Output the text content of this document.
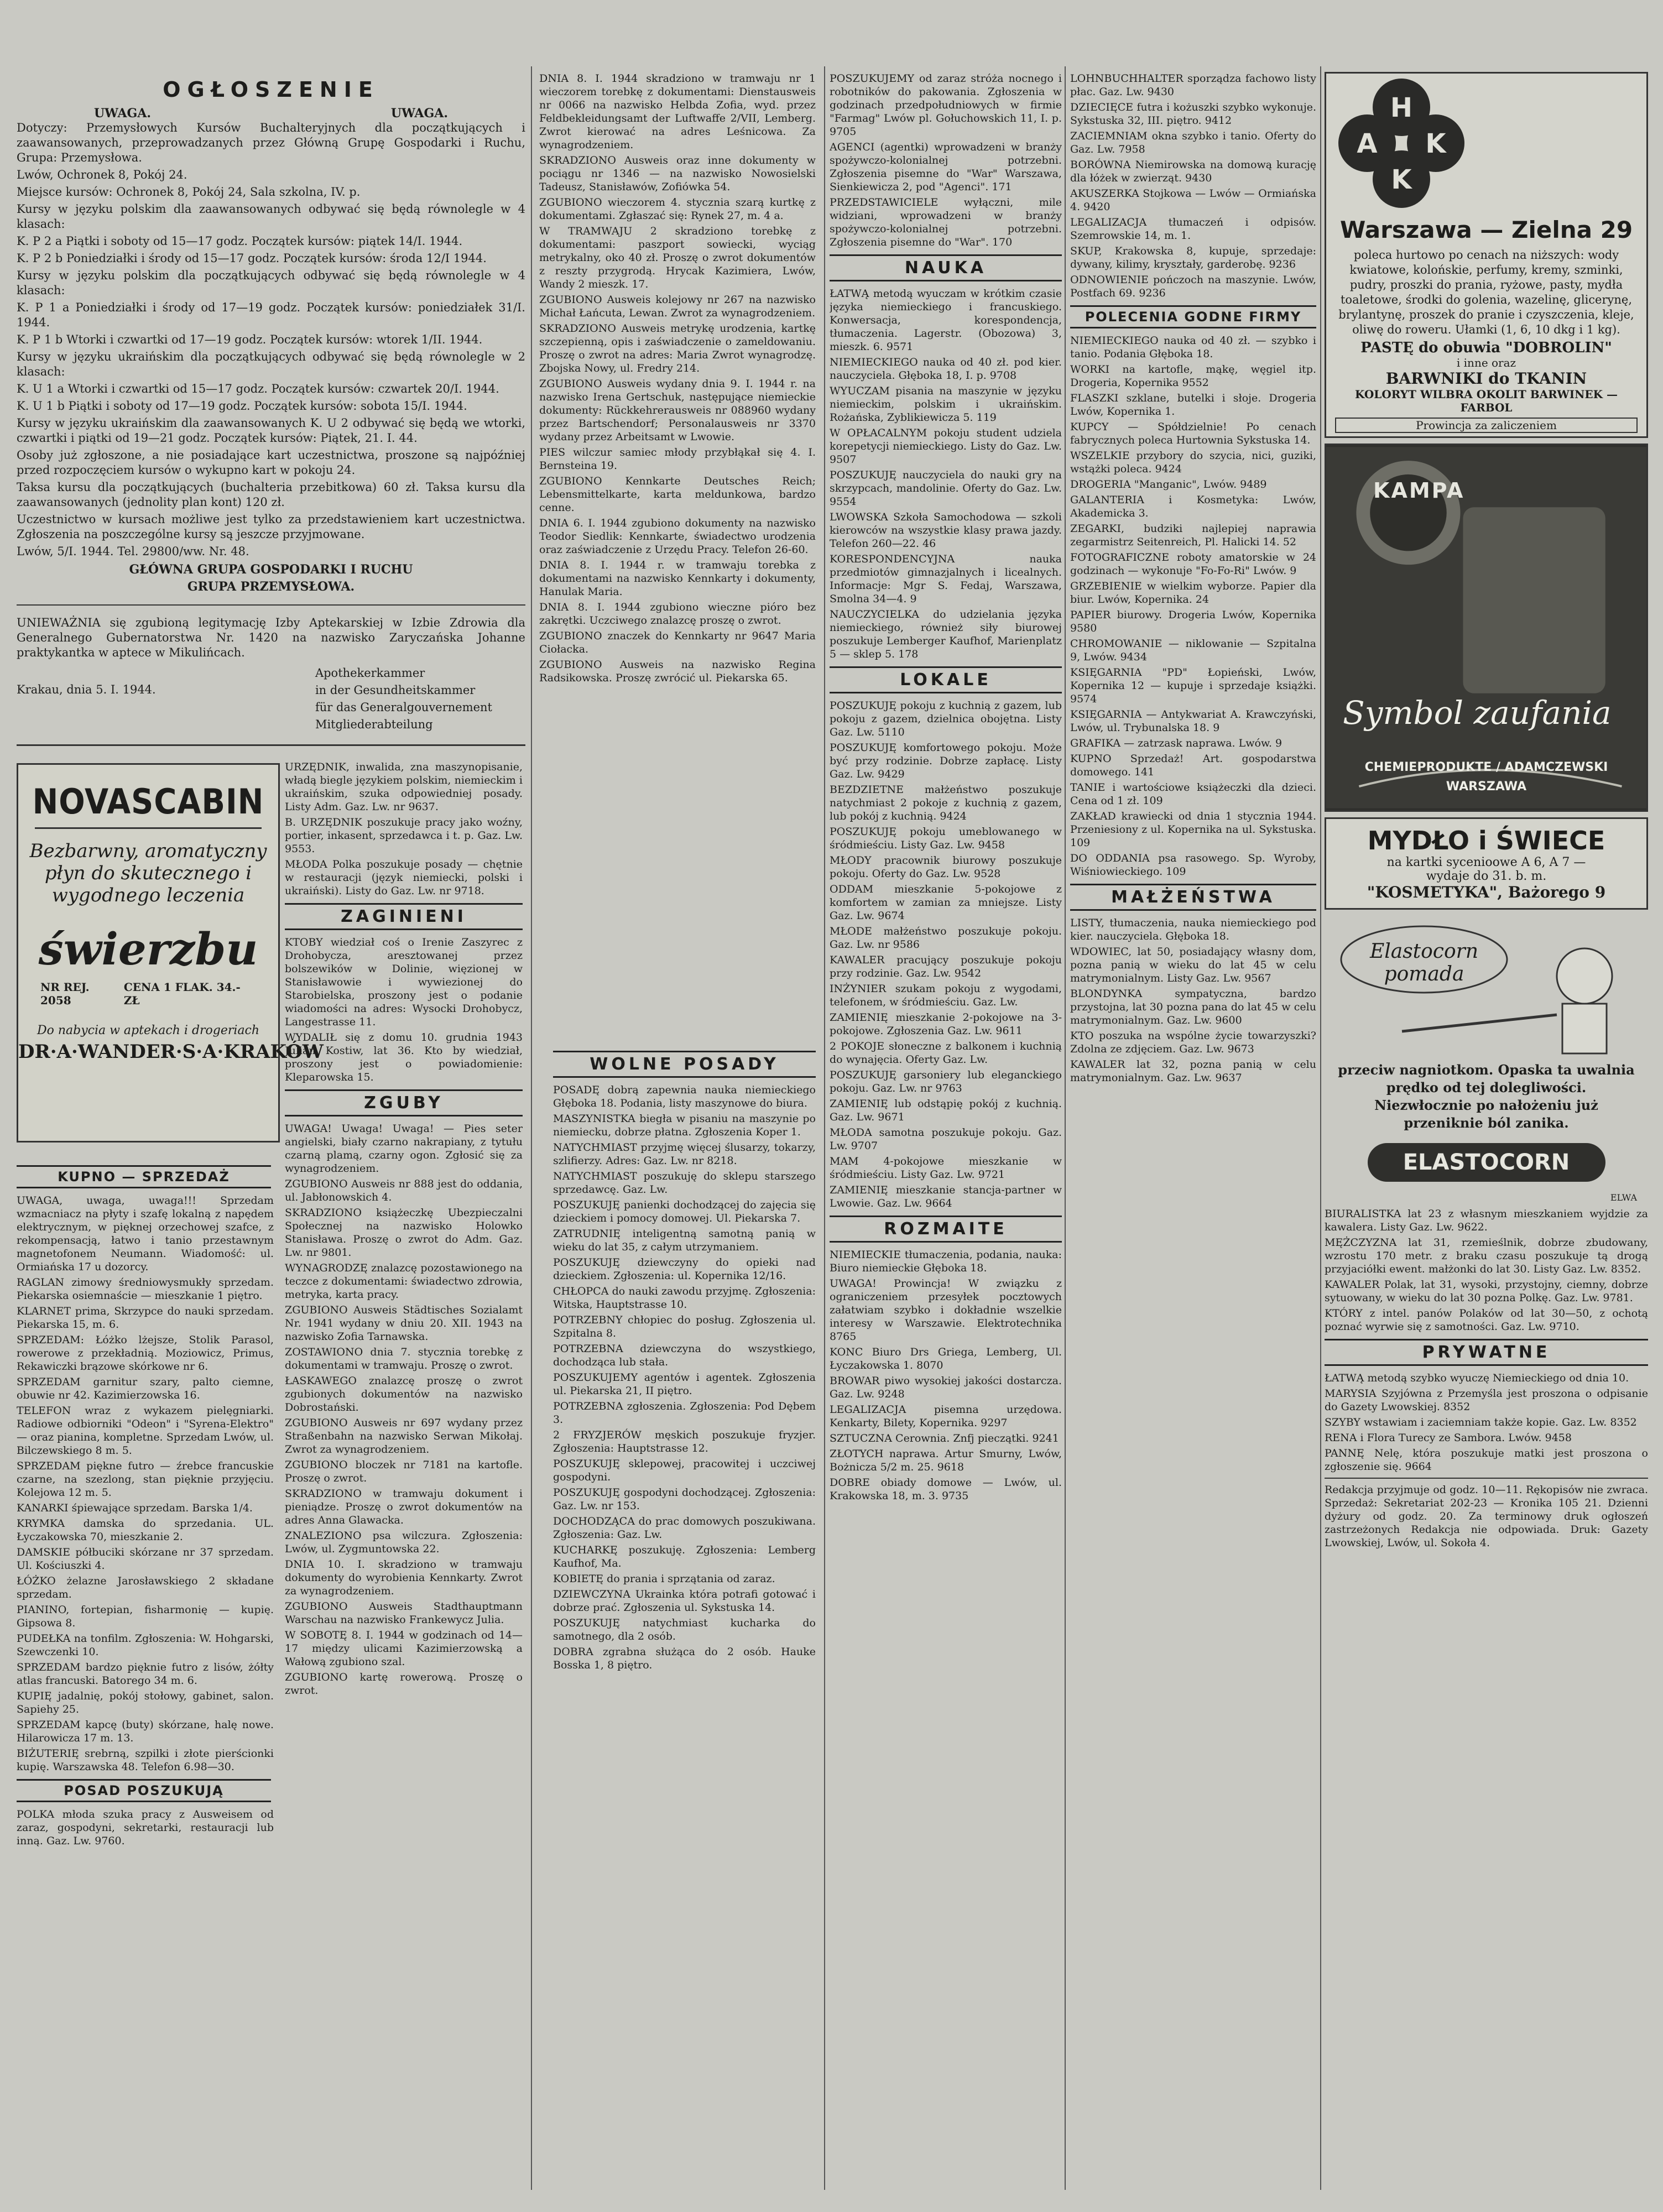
OGŁOSZENIE
UWAGA.	UWAGA.

Dotyczy: Przemysłowych Kursów Buchalteryjnych dla początkujących i zaawansowanych, przeprowadzanych przez Główną Grupę Gospodarki i Ruchu, Grupa: Przemysłowa.

Lwów, Ochronek 8, Pokój 24.

Miejsce kursów: Ochronek 8, Pokój 24, Sala szkolna, IV. p.

Kursy w języku polskim dla zaawansowanych odbywać się będą równolegle w 4 klasach:

K. P 2 a Piątki i soboty od 15—17 godz. Początek kursów: piątek 14/I. 1944.

K. P 2 b Poniedziałki i środy od 15—17 godz. Początek kursów: środa 12/I 1944.

Kursy w języku polskim dla początkujących odbywać się będą równolegle w 4 klasach:

K. P 1 a Poniedziałki i środy od 17—19 godz. Początek kursów: poniedziałek 31/I. 1944.

K. P 1 b Wtorki i czwartki od 17—19 godz. Początek kursów: wtorek 1/II. 1944.

Kursy w języku ukraińskim dla początkujących odbywać się będą równolegle w 2 klasach:

K. U 1 a Wtorki i czwartki od 15—17 godz. Początek kursów: czwartek 20/I. 1944.

K. U 1 b Piątki i soboty od 17—19 godz. Początek kursów: sobota 15/I. 1944.

Kursy w języku ukraińskim dla zaawansowanych K. U 2 odbywać się będą we wtorki, czwartki i piątki od 19—21 godz. Początek kursów: Piątek, 21. I. 44.

Osoby już zgłoszone, a nie posiadające kart uczestnictwa, proszone są najpóźniej przed rozpoczęciem kursów o wykupno kart w pokoju 24.

Taksa kursu dla początkujących (buchalteria przebitkowa) 60 zł. Taksa kursu dla zaawansowanych (jednolity plan kont) 120 zł.

Uczestnictwo w kursach możliwe jest tylko za przedstawieniem kart uczestnictwa. Zgłoszenia na poszczególne kursy są jeszcze przyjmowane.

Lwów, 5/I. 1944. Tel. 29800/ww. Nr. 48.

GŁÓWNA GRUPA GOSPODARKI I RUCHU
GRUPA PRZEMYSŁOWA.

UNIEWAŻNIA się zgubioną legitymację Izby Aptekarskiej w Izbie Zdrowia dla Generalnego Gubernatorstwa Nr. 1420 na nazwisko Zaryczańska Johanne praktykantka w aptece w Mikulińcach.

Krakau, dnia 5. I. 1944.
Apothekerkammer
in der Gesundheitskammer
für das Generalgouvernement
Mitgliederabteilung
KUPNO — SPRZEDAŻ

UWAGA, uwaga, uwaga!!! Sprzedam wzmacniacz na płyty i szafę lokalną z napędem elektrycznym, w pięknej orzechowej szafce, z rekompensacją, łatwo i tanio przestawnym magnetofonem Neumann. Wiadomość: ul. Ormiańska 17 u dozorcy.

RAGLAN zimowy średniowysmukły sprzedam. Piekarska osiemnaście — mieszkanie 1 piętro.

KLARNET prima, Skrzypce do nauki sprzedam. Piekarska 15, m. 6.

SPRZEDAM: Łóżko lżejsze, Stolik Parasol, rowerowe z przekładnią. Moziowicz, Primus, Rekawiczki brązowe skórkowe nr 6.

SPRZEDAM garnitur szary, palto ciemne, obuwie nr 42. Kazimierzowska 16.

TELEFON wraz z wykazem pielęgniarki. Radiowe odbiorniki "Odeon" i "Syrena-Elektro" — oraz pianina, kompletne. Sprzedam Lwów, ul. Bilczewskiego 8 m. 5.

SPRZEDAM piękne futro — źrebce francuskie czarne, na szezlong, stan pięknie przyjęciu. Kolejowa 12 m. 5.

KANARKI śpiewające sprzedam. Barska 1/4.

KRYMKA damska do sprzedania. UL. Łyczakowska 70, mieszkanie 2.

DAMSKIE półbuciki skórzane nr 37 sprzedam. Ul. Kościuszki 4.

ŁÓŻKO żelazne Jarosławskiego 2 składane sprzedam.

PIANINO, fortepian, fisharmonię — kupię. Gipsowa 8.

PUDEŁKA na tonfilm. Zgłoszenia: W. Hohgarski, Szewczenki 10.

SPRZEDAM bardzo pięknie futro z lisów, żółty atlas francuski. Batorego 34 m. 6.

KUPIĘ jadalnię, pokój stołowy, gabinet, salon. Sapiehy 25.

SPRZEDAM kapcę (buty) skórzane, halę nowe. Hilarowicza 17 m. 13.

BIŻUTERIĘ srebrną, szpilki i złote pierścionki kupię. Warszawska 48. Telefon 6.98—30.

POSAD POSZUKUJĄ

POLKA młoda szuka pracy z Ausweisem od zaraz, gospodyni, sekretarki, restauracji lub inną. Gaz. Lw. 9760.

URZĘDNIK, inwalida, zna maszynopisanie, władą biegle językiem polskim, niemieckim i ukraińskim, szuka odpowiedniej posady. Listy Adm. Gaz. Lw. nr 9637.

B. URZĘDNIK poszukuje pracy jako woźny, portier, inkasent, sprzedawca i t. p. Gaz. Lw. 9553.

MŁODA Polka poszukuje posady — chętnie w restauracji (język niemiecki, polski i ukraiński). Listy do Gaz. Lw. nr 9718.

ZAGINIENI

KTOBY wiedział coś o Irenie Zaszyrec z Drohobycza, aresztowanej przez bolszewików w Dolinie, więzionej w Stanisławowie i wywiezionej do Starobielska, proszony jest o podanie wiadomości na adres: Wysocki Drohobycz, Langestrasse 11.

WYDALIŁ się z domu 10. grudnia 1943 Julian Kostiw, lat 36. Kto by wiedział, proszony jest o powiadomienie: Kleparowska 15.

ZGUBY

UWAGA! Uwaga! Uwaga! — Pies seter angielski, biały czarno nakrapiany, z tytułu czarną plamą, czarny ogon. Zgłosić się za wynagrodzeniem.

ZGUBIONO Ausweis nr 888 jest do oddania, ul. Jabłonowskich 4.

SKRADZIONO książeczkę Ubezpieczalni Społecznej na nazwisko Holowko Stanisława. Proszę o zwrot do Adm. Gaz. Lw. nr 9801.

WYNAGRODZĘ znalazcę pozostawionego na teczce z dokumentami: świadectwo zdrowia, metryka, karta pracy.

ZGUBIONO Ausweis Städtisches Sozialamt Nr. 1941 wydany w dniu 20. XII. 1943 na nazwisko Zofia Tarnawska.

ZOSTAWIONO dnia 7. stycznia torebkę z dokumentami w tramwaju. Proszę o zwrot.

ŁASKAWEGO znalazcę proszę o zwrot zgubionych dokumentów na nazwisko Dobrostański.

ZGUBIONO Ausweis nr 697 wydany przez Straßenbahn na nazwisko Serwan Mikołaj. Zwrot za wynagrodzeniem.

ZGUBIONO bloczek nr 7181 na kartofle. Proszę o zwrot.

SKRADZIONO w tramwaju dokument i pieniądze. Proszę o zwrot dokumentów na adres Anna Glawacka.

ZNALEZIONO psa wilczura. Zgłoszenia: Lwów, ul. Zygmuntowska 22.

DNIA 10. I. skradziono w tramwaju dokumenty do wyrobienia Kennkarty. Zwrot za wynagrodzeniem.

ZGUBIONO Ausweis Stadthauptmann Warschau na nazwisko Frankewycz Julia.

W SOBOTĘ 8. I. 1944 w godzinach od 14—17 między ulicami Kazimierzowską a Wałową zgubiono szal.

ZGUBIONO kartę rowerową. Proszę o zwrot.

NOVASCABIN
Bezbarwny, aromatyczny płyn do skutecznego i wygodnego leczenia
świerzbu
NR REJ. 2058
CENA 1 FLAK. 34.-ZŁ
Do nabycia w aptekach i drogeriach
DR·A·WANDER·S·A·KRAKÓW

DNIA 8. I. 1944 skradziono w tramwaju nr 1 wieczorem torebkę z dokumentami: Dienstausweis nr 0066 na nazwisko Helbda Zofia, wyd. przez Feldbekleidungsamt der Luftwaffe 2/VII, Lemberg. Zwrot kierować na adres Leśnicowa. Za wynagrodzeniem.

SKRADZIONO Ausweis oraz inne dokumenty w pociągu nr 1346 — na nazwisko Nowosielski Tadeusz, Stanisławów, Zofiówka 54.

ZGUBIONO wieczorem 4. stycznia szarą kurtkę z dokumentami. Zgłaszać się: Rynek 27, m. 4 a.

W TRAMWAJU 2 skradziono torebkę z dokumentami: paszport sowiecki, wyciąg metrykalny, oko 40 zł. Proszę o zwrot dokumentów z reszty przygrodą. Hrycak Kazimiera, Lwów, Wandy 2 mieszk. 17.

ZGUBIONO Ausweis kolejowy nr 267 na nazwisko Michał Łańcuta, Lewan. Zwrot za wynagrodzeniem.

SKRADZIONO Ausweis metrykę urodzenia, kartkę szczepienną, opis i zaświadczenie o zameldowaniu. Proszę o zwrot na adres: Maria Zwrot wynagrodzę. Zbojska Nowy, ul. Fredry 214.

ZGUBIONO Ausweis wydany dnia 9. I. 1944 r. na nazwisko Irena Gertschuk, następujące niemieckie dokumenty: Rückkehrerausweis nr 088960 wydany przez Bartschendorf; Personalausweis nr 3370 wydany przez Arbeitsamt w Lwowie.

PIES wilczur samiec młody przybłąkał się 4. I. Bernsteina 19.

ZGUBIONO Kennkarte Deutsches Reich; Lebensmittelkarte, karta meldunkowa, bardzo cenne.

DNIA 6. I. 1944 zgubiono dokumenty na nazwisko Teodor Siedlik: Kennkarte, świadectwo urodzenia oraz zaświadczenie z Urzędu Pracy. Telefon 26-60.

DNIA 8. I. 1944 r. w tramwaju torebka z dokumentami na nazwisko Kennkarty i dokumenty, Hanulak Maria.

DNIA 8. I. 1944 zgubiono wieczne pióro bez zakrętki. Uczciwego znalazcę proszę o zwrot.

ZGUBIONO znaczek do Kennkarty nr 9647 Maria Ciołacka.

ZGUBIONO Ausweis na nazwisko Regina Radsikowska. Proszę zwrócić ul. Piekarska 65.

WOLNE POSADY

POSADĘ dobrą zapewnia nauka niemieckiego Głęboka 18. Podania, listy maszynowe do biura.

MASZYNISTKA biegła w pisaniu na maszynie po niemiecku, dobrze płatna. Zgłoszenia Koper 1.

NATYCHMIAST przyjmę więcej ślusarzy, tokarzy, szlifierzy. Adres: Gaz. Lw. nr 8218.

NATYCHMIAST poszukuję do sklepu starszego sprzedawcę. Gaz. Lw.

POSZUKUJĘ panienki dochodzącej do zajęcia się dzieckiem i pomocy domowej. Ul. Piekarska 7.

ZATRUDNIĘ inteligentną samotną panią w wieku do lat 35, z całym utrzymaniem.

POSZUKUJĘ dziewczyny do opieki nad dzieckiem. Zgłoszenia: ul. Kopernika 12/16.

CHŁOPCA do nauki zawodu przyjmę. Zgłoszenia: Witska, Hauptstrasse 10.

POTRZEBNY chłopiec do posług. Zgłoszenia ul. Szpitalna 8.

POTRZEBNA dziewczyna do wszystkiego, dochodząca lub stała.

POSZUKUJEMY agentów i agentek. Zgłoszenia ul. Piekarska 21, II piętro.

POTRZEBNA zgłoszenia. Zgłoszenia: Pod Dębem 3.

2 FRYZJERÓW męskich poszukuje fryzjer. Zgłoszenia: Hauptstrasse 12.

POSZUKUJĘ sklepowej, pracowitej i uczciwej gospodyni.

POSZUKUJĘ gospodyni dochodzącej. Zgłoszenia: Gaz. Lw. nr 153.

DOCHODZĄCA do prac domowych poszukiwana. Zgłoszenia: Gaz. Lw.

KUCHARKĘ poszukuję. Zgłoszenia: Lemberg Kaufhof, Ma.

KOBIETĘ do prania i sprzątania od zaraz.

DZIEWCZYNA Ukrainka która potrafi gotować i dobrze prać. Zgłoszenia ul. Sykstuska 14.

POSZUKUJĘ natychmiast kucharka do samotnego, dla 2 osób.

DOBRA zgrabna służąca do 2 osób. Hauke Bosska 1, 8 piętro.

POSZUKUJEMY od zaraz stróża nocnego i robotników do pakowania. Zgłoszenia w godzinach przedpołudniowych w firmie "Farmag" Lwów pl. Gołuchowskich 11, I. p. 9705

AGENCI (agentki) wprowadzeni w branży spożywczo-kolonialnej potrzebni. Zgłoszenia pisemne do "War" Warszawa, Sienkiewicza 2, pod "Agenci". 171

PRZEDSTAWICIELE wyłączni, mile widziani, wprowadzeni w branży spożywczo-kolonialnej potrzebni. Zgłoszenia pisemne do "War". 170

NAUKA

ŁATWĄ metodą wyuczam w krótkim czasie języka niemieckiego i francuskiego. Konwersacja, korespondencja, tłumaczenia. Lagerstr. (Obozowa) 3, mieszk. 6. 9571

NIEMIECKIEGO nauka od 40 zł. pod kier. nauczyciela. Głęboka 18, I. p. 9708

WYUCZAM pisania na maszynie w języku niemieckim, polskim i ukraińskim. Rożańska, Zyblikiewicza 5. 119

W OPŁACALNYM pokoju student udziela korepetycji niemieckiego. Listy do Gaz. Lw. 9507

POSZUKUJĘ nauczyciela do nauki gry na skrzypcach, mandolinie. Oferty do Gaz. Lw. 9554

LWOWSKA Szkoła Samochodowa — szkoli kierowców na wszystkie klasy prawa jazdy. Telefon 260—22. 46

KORESPONDENCYJNA nauka przedmiotów gimnazjalnych i licealnych. Informacje: Mgr S. Fedaj, Warszawa, Smolna 34—4. 9

NAUCZYCIELKA do udzielania języka niemieckiego, również siły biurowej poszukuje Lemberger Kaufhof, Marienplatz 5 — sklep 5. 178

LOKALE

POSZUKUJĘ pokoju z kuchnią z gazem, lub pokoju z gazem, dzielnica obojętna. Listy Gaz. Lw. 5110

POSZUKUJĘ komfortowego pokoju. Może być przy rodzinie. Dobrze zapłacę. Listy Gaz. Lw. 9429

BEZDZIETNE małżeństwo poszukuje natychmiast 2 pokoje z kuchnią z gazem, lub pokój z kuchnią. 9424

POSZUKUJĘ pokoju umeblowanego w śródmieściu. Listy Gaz. Lw. 9458

MŁODY pracownik biurowy poszukuje pokoju. Oferty do Gaz. Lw. 9528

ODDAM mieszkanie 5-pokojowe z komfortem w zamian za mniejsze. Listy Gaz. Lw. 9674

MŁODE małżeństwo poszukuje pokoju. Gaz. Lw. nr 9586

KAWALER pracujący poszukuje pokoju przy rodzinie. Gaz. Lw. 9542

INŻYNIER szukam pokoju z wygodami, telefonem, w śródmieściu. Gaz. Lw.

ZAMIENIĘ mieszkanie 2-pokojowe na 3-pokojowe. Zgłoszenia Gaz. Lw. 9611

2 POKOJE słoneczne z balkonem i kuchnią do wynajęcia. Oferty Gaz. Lw.

POSZUKUJĘ garsoniery lub eleganckiego pokoju. Gaz. Lw. nr 9763

ZAMIENIĘ lub odstąpię pokój z kuchnią. Gaz. Lw. 9671

MŁODA samotna poszukuje pokoju. Gaz. Lw. 9707

MAM 4-pokojowe mieszkanie w śródmieściu. Listy Gaz. Lw. 9721

ZAMIENIĘ mieszkanie stancja-partner w Lwowie. Gaz. Lw. 9664

ROZMAITE

NIEMIECKIE tłumaczenia, podania, nauka: Biuro niemieckie Głęboka 18.

UWAGA! Prowincja! W związku z ograniczeniem przesyłek pocztowych załatwiam szybko i dokładnie wszelkie interesy w Warszawie. Elektrotechnika 8765

KONC Biuro Drs Griega, Lemberg, Ul. Łyczakowska 1. 8070

BROWAR piwo wysokiej jakości dostarcza. Gaz. Lw. 9248

LEGALIZACJA pisemna urzędowa. Kenkarty, Bilety, Kopernika. 9297

SZTUCZNA Cerownia. Znfj pieczątki. 9241

ZŁOTYCH naprawa. Artur Smurny, Lwów, Bożnicza 5/2 m. 25. 9618

DOBRE obiady domowe — Lwów, ul. Krakowska 18, m. 3. 9735

LOHNBUCHHALTER sporządza fachowo listy płac. Gaz. Lw. 9430

DZIECIĘCE futra i kożuszki szybko wykonuje. Sykstuska 32, III. piętro. 9412

ZACIEMNIAM okna szybko i tanio. Oferty do Gaz. Lw. 7958

BORÓWNA Niemirowska na domową kurację dla łóżek w zwierząt. 9430

AKUSZERKA Stojkowa — Lwów — Ormiańska 4. 9420

LEGALIZACJA tłumaczeń i odpisów. Szemrowskie 14, m. 1.

SKUP, Krakowska 8, kupuje, sprzedaje: dywany, kilimy, kryształy, garderobę. 9236

ODNOWIENIE pończoch na maszynie. Lwów, Postfach 69. 9236

POLECENIA GODNE FIRMY

NIEMIECKIEGO nauka od 40 zł. — szybko i tanio. Podania Głęboka 18.

WORKI na kartofle, mąkę, węgiel itp. Drogeria, Kopernika 9552

FLASZKI szklane, butelki i słoje. Drogeria Lwów, Kopernika 1.

KUPCY — Spółdzielnie! Po cenach fabrycznych poleca Hurtownia Sykstuska 14.

WSZELKIE przybory do szycia, nici, guziki, wstążki poleca. 9424

DROGERIA "Manganic", Lwów. 9489

GALANTERIA i Kosmetyka: Lwów, Akademicka 3.

ZEGARKI, budziki najlepiej naprawia zegarmistrz Seitenreich, Pl. Halicki 14. 52

FOTOGRAFICZNE roboty amatorskie w 24 godzinach — wykonuje "Fo-Fo-Ri" Lwów. 9

GRZEBIENIE w wielkim wyborze. Papier dla biur. Lwów, Kopernika. 24

PAPIER biurowy. Drogeria Lwów, Kopernika 9580

CHROMOWANIE — niklowanie — Szpitalna 9, Lwów. 9434

KSIĘGARNIA "PD" Łopieński, Lwów, Kopernika 12 — kupuje i sprzedaje książki. 9574

KSIĘGARNIA — Antykwariat A. Krawczyński, Lwów, ul. Trybunalska 18. 9

GRAFIKA — zatrzask naprawa. Lwów. 9

KUPNO Sprzedaż! Art. gospodarstwa domowego. 141

TANIE i wartościowe książeczki dla dzieci. Cena od 1 zł. 109

ZAKŁAD krawiecki od dnia 1 stycznia 1944. Przeniesiony z ul. Kopernika na ul. Sykstuska. 109

DO ODDANIA psa rasowego. Sp. Wyroby, Wiśniowieckiego. 109

MAŁŻEŃSTWA

LISTY, tłumaczenia, nauka niemieckiego pod kier. nauczyciela. Głęboka 18.

WDOWIEC, lat 50, posiadający własny dom, pozna panią w wieku do lat 45 w celu matrymonialnym. Listy Gaz. Lw. 9567

BLONDYNKA sympatyczna, bardzo przystojna, lat 30 pozna pana do lat 45 w celu matrymonialnym. Gaz. Lw. 9600

KTO poszuka na wspólne życie towarzyszki? Zdolna ze zdjęciem. Gaz. Lw. 9673

KAWALER lat 32, pozna panią w celu matrymonialnym. Gaz. Lw. 9637

H
A K
K
Warszawa — Zielna 29

poleca hurtowo po cenach na niższych: wody kwiatowe, kolońskie, perfumy, kremy, szminki, pudry, proszki do prania, ryżowe, pasty, mydła toaletowe, środki do golenia, wazelinę, glicerynę, brylantynę, proszek do pranie i czyszczenia, kleje, oliwę do roweru. Ułamki (1, 6, 10 dkg i 1 kg).

PASTĘ do obuwia "DOBROLIN"
i inne oraz
BARWNIKI do TKANIN
KOLORYT WILBRA OKOLIT BARWINEK — FARBOL
Prowincja za zaliczeniem
KAMPA
Symbol zaufania
CHEMIEPRODUKTE / ADAMCZEWSKI
WARSZAWA
MYDŁO i ŚWIECE
na kartki sycenioowe A 6, A 7 —
wydaje do 31. b. m.
"KOSMETYKA", Bażorego 9
Elastocorn pomada

przeciw nagniotkom. Opaska ta uwalnia prędko od tej dolegliwości. Niezwłocznie po nałożeniu już przeniknie ból zanika.

ELASTOCORN
ELWA

BIURALISTKA lat 23 z własnym mieszkaniem wyjdzie za kawalera. Listy Gaz. Lw. 9622.

MĘŻCZYZNA lat 31, rzemieślnik, dobrze zbudowany, wzrostu 170 metr. z braku czasu poszukuje tą drogą przyjaciółki ewent. małżonki do lat 30. Listy Gaz. Lw. 8352.

KAWALER Polak, lat 31, wysoki, przystojny, ciemny, dobrze sytuowany, w wieku do lat 30 pozna Polkę. Gaz. Lw. 9781.

KTÓRY z intel. panów Polaków od lat 30—50, z ochotą poznać wyrwie się z samotności. Gaz. Lw. 9710.

PRYWATNE

ŁATWĄ metodą szybko wyuczę Niemieckiego od dnia 10.

MARYSIA Szyjówna z Przemyśla jest proszona o odpisanie do Gazety Lwowskiej. 8352

SZYBY wstawiam i zaciemniam także kopie. Gaz. Lw. 8352

RENA i Flora Turecy ze Sambora. Lwów. 9458

PANNĘ Nelę, która poszukuje matki jest proszona o zgłoszenie się. 9664

Redakcja przyjmuje od godz. 10—11. Rękopisów nie zwraca. Sprzedaż: Sekretariat 202-23 — Kronika 105 21. Dzienni dyżury od godz. 20. Za terminowy druk ogłoszeń zastrzeżonych Redakcja nie odpowiada. Druk: Gazety Lwowskiej, Lwów, ul. Sokoła 4.
